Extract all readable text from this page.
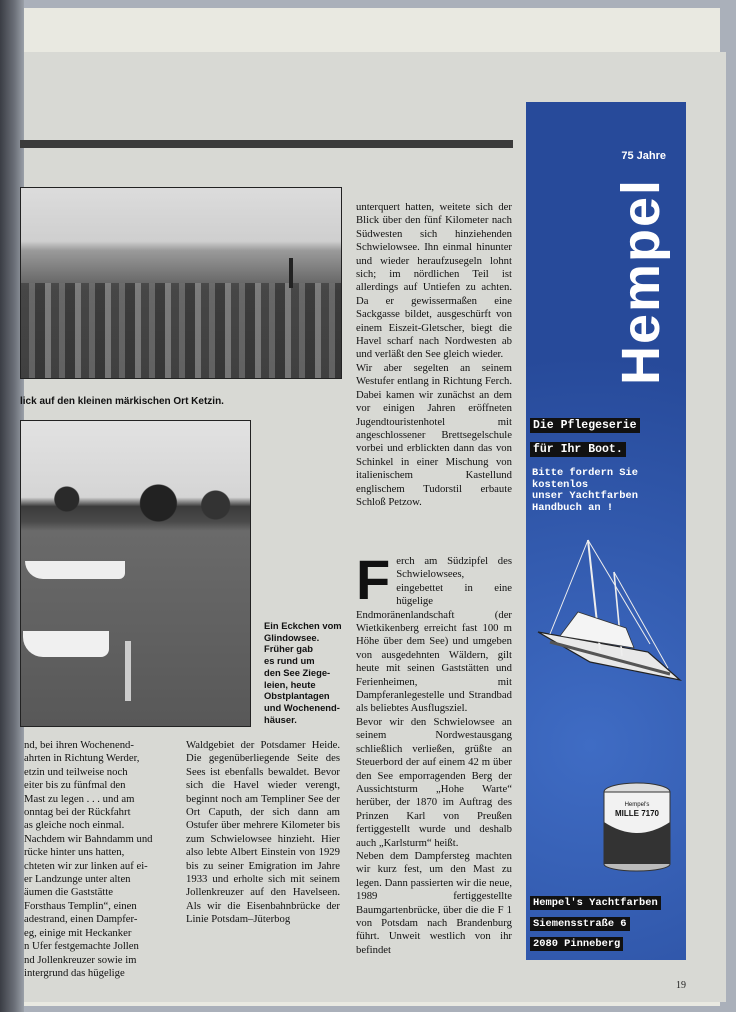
lick auf den kleinen märkischen Ort Ketzin.
Ein Eckchen vom
Glindowsee.
Früher gab
es rund um
den See Ziege-
leien, heute
Obstplantagen
und Wochenend-
häuser.
nd, bei ihren Wochenend-
ahrten in Richtung Werder,
etzin und teilweise noch
eiter bis zu fünfmal den
Mast zu legen . . . und am
onntag bei der Rückfahrt
as gleiche noch einmal.
Nachdem wir Bahndamm und
rücke hinter uns hatten,
chteten wir zur linken auf ei-
er Landzunge unter alten
äumen die Gaststätte
Forsthaus Templin“, einen
adestrand, einen Dampfer-
eg, einige mit Heckanker
n Ufer festgemachte Jollen
nd Jollenkreuzer sowie im
intergrund das hügelige

Waldgebiet der Potsdamer Heide. Die gegenüberliegende Seite des Sees ist ebenfalls bewaldet. Bevor sich die Havel wieder verengt, beginnt noch am Templiner See der Ort Caputh, der sich dann am Ostufer über mehrere Kilometer bis zum Schwielowsee hinzieht. Hier also lebte Albert Einstein von 1929 bis zu seiner Emigration im Jahre 1933 und erholte sich mit seinem Jollenkreuzer auf den Havelseen. Als wir die Eisenbahnbrücke der Linie Potsdam–Jüterbog

unterquert hatten, weitete sich der Blick über den fünf Kilometer nach Südwesten sich hinziehenden Schwielowsee. Ihn einmal hinunter und wieder heraufzusegeln lohnt sich; im nördlichen Teil ist allerdings auf Untiefen zu achten. Da er gewissermaßen eine Sackgasse bildet, ausgeschürft von einem Eiszeit-Gletscher, biegt die Havel scharf nach Nordwesten ab und verläßt den See gleich wieder.

Wir aber segelten an seinem Westufer entlang in Richtung Ferch. Dabei kamen wir zunächst an dem vor einigen Jahren eröffneten Jugendtouristenhotel mit angeschlossener Brettsegelschule vorbei und erblickten dann das von Schinkel in einer Mischung von italienischem Kastellund englischem Tudorstil erbaute Schloß Petzow.

Ferch am Südzipfel des Schwielowsees, eingebettet in eine hügelige Endmoränenlandschaft (der Wietkikenberg erreicht fast 100 m Höhe über dem See) und umgeben von ausgedehnten Wäldern, gilt heute mit seinen Gaststätten und Ferienheimen, mit Dampferanlegestelle und Strandbad als beliebtes Ausflugsziel.

Bevor wir den Schwielowsee an seinem Nordwestausgang schließlich verließen, grüßte an Steuerbord der auf einem 42 m über den See emporragenden Berg der Aussichtsturm „Hohe Warte“ herüber, der 1870 im Auftrag des Prinzen Karl von Preußen fertiggestellt wurde und deshalb auch „Karlsturm“ heißt.

Neben dem Dampfersteg machten wir kurz fest, um den Mast zu legen. Dann passierten wir die neue, 1989 fertiggestellte Baumgartenbrücke, über die die F 1 von Potsdam nach Brandenburg führt. Unweit westlich von ihr befindet

75 Jahre
Hempel
Die Pflegeserie
für Ihr Boot.
Bitte fordern Sie
kostenlos
unser Yachtfarben
Handbuch an !
Hempel's
MILLE 7170
Hempel's Yachtfarben
Siemensstraße 6
2080 Pinneberg
19
